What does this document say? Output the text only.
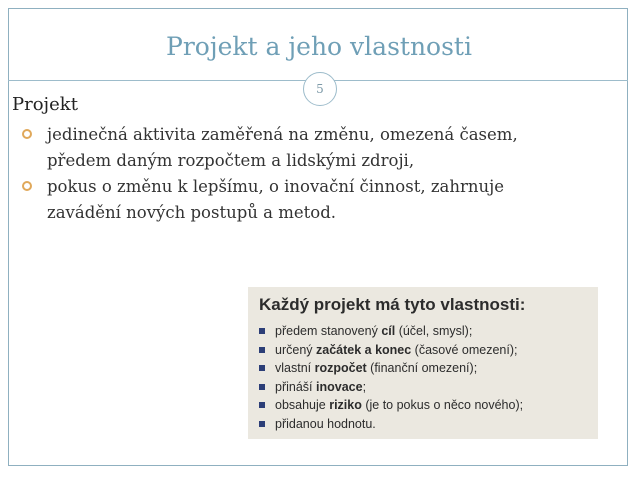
Projekt a jeho vlastnosti
5
Projekt
jedinečná aktivita zaměřená na změnu, omezená časem, předem daným rozpočtem a lidskými zdroji,
pokus o změnu k lepšímu, o inovační činnost, zahrnuje zavádění nových postupů a metod.
Každý projekt má tyto vlastnosti:
předem stanovený cíl (účel, smysl);
určený začátek a konec (časové omezení);
vlastní rozpočet (finanční omezení);
přináší inovace;
obsahuje riziko (je to pokus o něco nového);
přidanou hodnotu.
